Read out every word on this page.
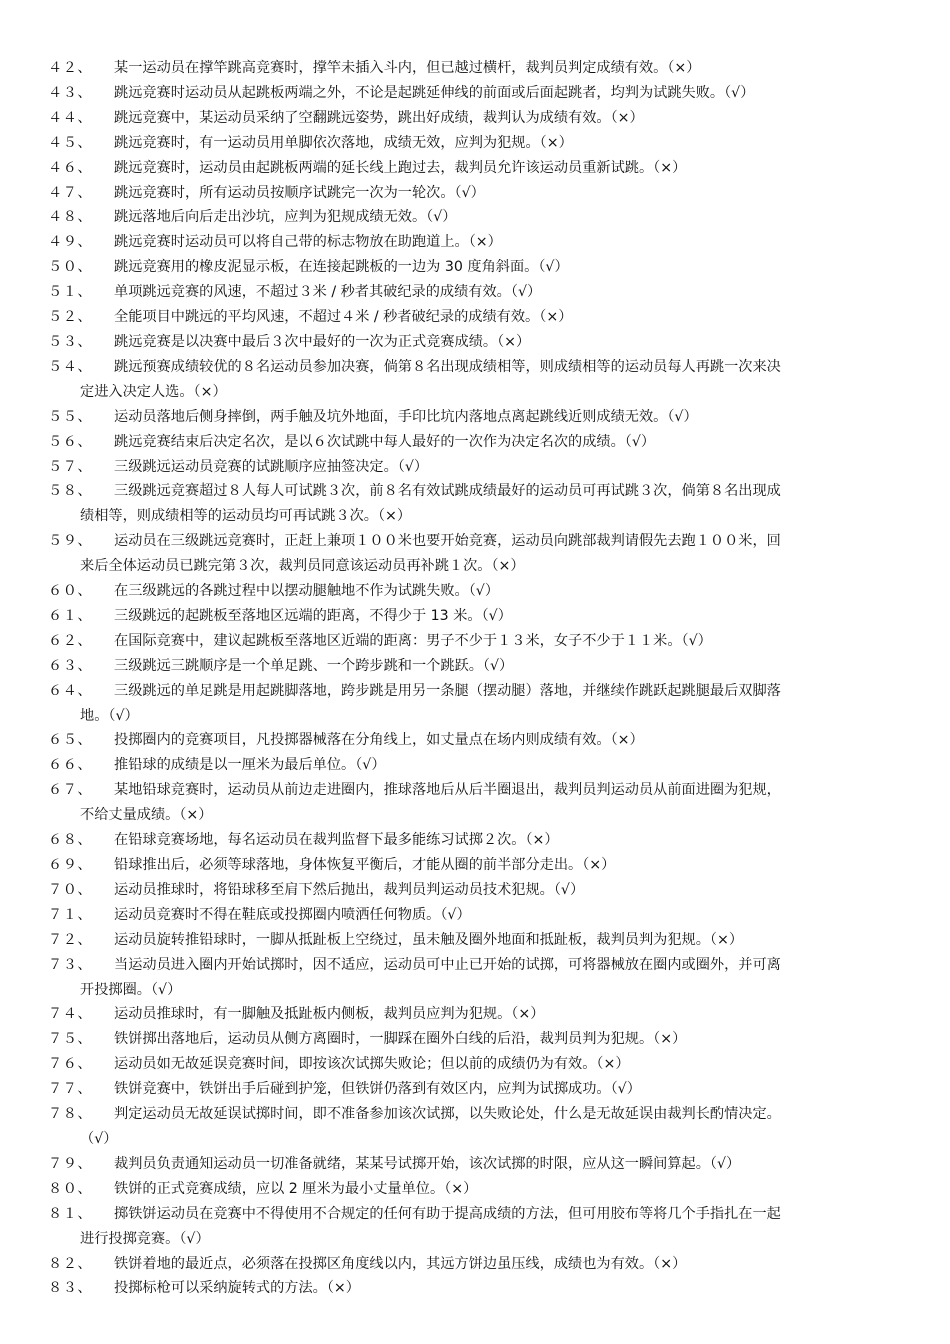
４２、	某一运动员在撑竿跳高竞赛时，撑竿未插入斗内，但已越过横杆，裁判员判定成绩有效。（×）
４３、	跳远竞赛时运动员从起跳板两端之外，不论是起跳延伸线的前面或后面起跳者，均判为试跳失败。（√）
４４、	跳远竞赛中，某运动员采纳了空翻跳远姿势，跳出好成绩，裁判认为成绩有效。（×）
４５、	跳远竞赛时，有一运动员用单脚依次落地，成绩无效，应判为犯规。（×）
４６、	跳远竞赛时，运动员由起跳板两端的延长线上跑过去，裁判员允许该运动员重新试跳。（×）
４７、	跳远竞赛时，所有运动员按顺序试跳完一次为一轮次。（√）
４８、	跳远落地后向后走出沙坑，应判为犯规成绩无效。（√）
４９、	跳远竞赛时运动员可以将自己带的标志物放在助跑道上。（×）
５０、	跳远竞赛用的橡皮泥显示板，在连接起跳板的一边为 30 度角斜面。（√）
５１、	单项跳远竞赛的风速，不超过３米 / 秒者其破纪录的成绩有效。（√）
５２、	全能项目中跳远的平均风速，不超过４米 / 秒者破纪录的成绩有效。（×）
５３、	跳远竞赛是以决赛中最后３次中最好的一次为正式竞赛成绩。（×）
５４、	跳远预赛成绩较优的８名运动员参加决赛，倘第８名出现成绩相等，则成绩相等的运动员每人再跳一次来决
定进入决定人选。（×）
５５、	运动员落地后侧身摔倒，两手触及坑外地面，手印比坑内落地点离起跳线近则成绩无效。（√）
５６、	跳远竞赛结束后决定名次，是以６次试跳中每人最好的一次作为决定名次的成绩。（√）
５７、	三级跳远运动员竞赛的试跳顺序应抽签决定。（√）
５８、	三级跳远竞赛超过８人每人可试跳３次，前８名有效试跳成绩最好的运动员可再试跳３次，倘第８名出现成
绩相等，则成绩相等的运动员均可再试跳３次。（×）
５９、	运动员在三级跳远竞赛时，正赶上兼项１００米也要开始竞赛，运动员向跳部裁判请假先去跑１００米，回
来后全体运动员已跳完第３次，裁判员同意该运动员再补跳１次。（×）
６０、	在三级跳远的各跳过程中以摆动腿触地不作为试跳失败。（√）
６１、	三级跳远的起跳板至落地区远端的距离，不得少于 13 米。（√）
６２、	在国际竞赛中，建议起跳板至落地区近端的距离：男子不少于１３米，女子不少于１１米。（√）
６３、	三级跳远三跳顺序是一个单足跳、一个跨步跳和一个跳跃。（√）
６４、	三级跳远的单足跳是用起跳脚落地，跨步跳是用另一条腿（摆动腿）落地，并继续作跳跃起跳腿最后双脚落
地。（√）
６５、	投掷圈内的竞赛项目，凡投掷器械落在分角线上，如丈量点在场内则成绩有效。（×）
６６、	推铅球的成绩是以一厘米为最后单位。（√）
６７、	某地铅球竞赛时，运动员从前边走进圈内，推球落地后从后半圈退出，裁判员判运动员从前面进圈为犯规，
不给丈量成绩。（×）
６８、	在铅球竞赛场地，每名运动员在裁判监督下最多能练习试掷２次。（×）
６９、	铅球推出后，必须等球落地，身体恢复平衡后，才能从圈的前半部分走出。（×）
７０、	运动员推球时，将铅球移至肩下然后抛出，裁判员判运动员技术犯规。（√）
７１、	运动员竞赛时不得在鞋底或投掷圈内喷洒任何物质。（√）
７２、	运动员旋转推铅球时，一脚从抵趾板上空绕过，虽未触及圈外地面和抵趾板，裁判员判为犯规。（×）
７３、	当运动员进入圈内开始试掷时，因不适应，运动员可中止已开始的试掷，可将器械放在圈内或圈外，并可离
开投掷圈。（√）
７４、	运动员推球时，有一脚触及抵趾板内侧板，裁判员应判为犯规。（×）
７５、	铁饼掷出落地后，运动员从侧方离圈时，一脚踩在圈外白线的后沿，裁判员判为犯规。（×）
７６、	运动员如无故延误竞赛时间，即按该次试掷失败论；但以前的成绩仍为有效。（×）
７７、	铁饼竞赛中，铁饼出手后碰到护笼，但铁饼仍落到有效区内，应判为试掷成功。（√）
７８、	判定运动员无故延误试掷时间，即不准备参加该次试掷，以失败论处，什么是无故延误由裁判长酌情决定。
（√）
７９、	裁判员负责通知运动员一切准备就绪，某某号试掷开始，该次试掷的时限，应从这一瞬间算起。（√）
８０、	铁饼的正式竞赛成绩，应以 2 厘米为最小丈量单位。（×）
８１、	掷铁饼运动员在竞赛中不得使用不合规定的任何有助于提高成绩的方法，但可用胶布等将几个手指扎在一起
进行投掷竞赛。（√）
８２、	铁饼着地的最近点，必须落在投掷区角度线以内，其远方饼边虽压线，成绩也为有效。（×）
８３、	投掷标枪可以采纳旋转式的方法。（×）
